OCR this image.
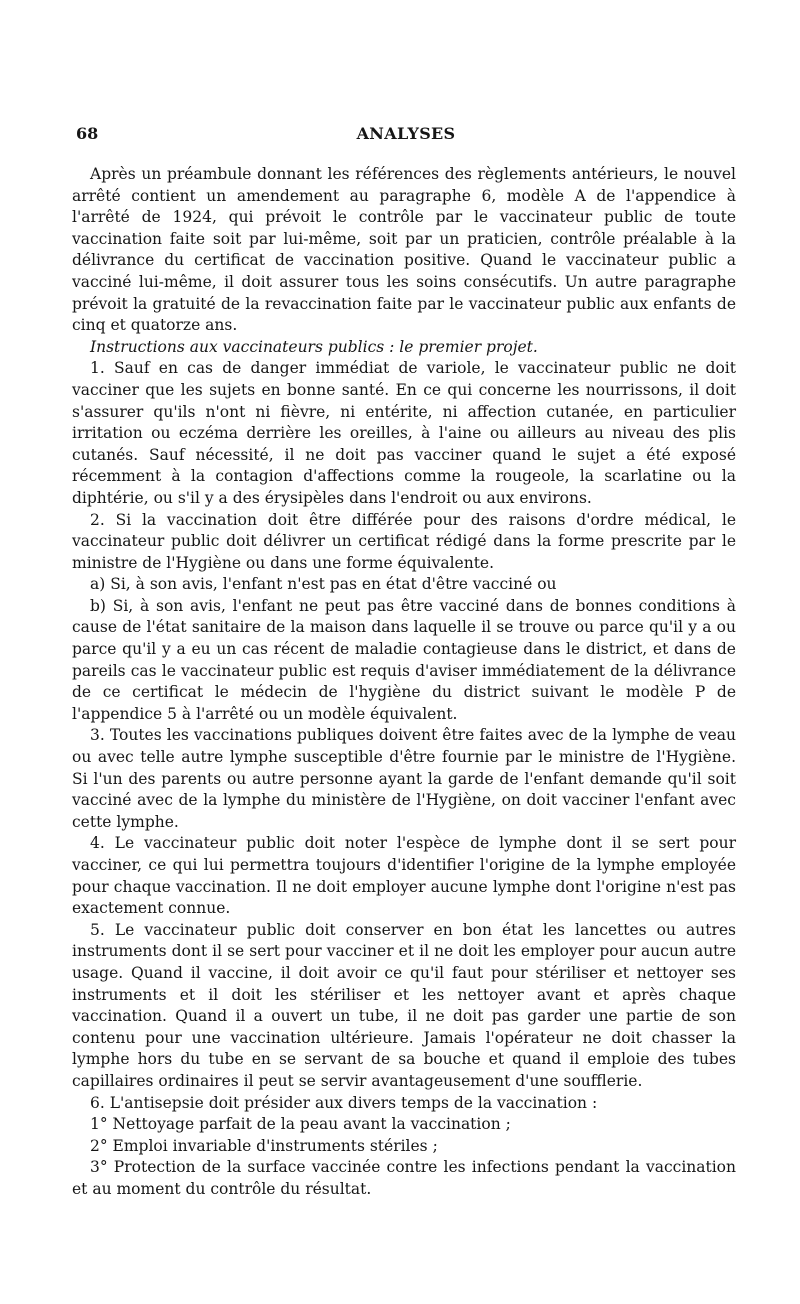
68	ANALYSES

Après un préambule donnant les références des règlements antérieurs, le nouvel arrêté contient un amendement au paragraphe 6, modèle A de l'appendice à l'arrêté de 1924, qui prévoit le contrôle par le vaccinateur public de toute vaccination faite soit par lui-même, soit par un praticien, contrôle préalable à la délivrance du certificat de vaccination positive. Quand le vaccinateur public a vacciné lui-même, il doit assurer tous les soins consécutifs. Un autre paragraphe prévoit la gratuité de la revaccination faite par le vaccinateur public aux enfants de cinq et quatorze ans.

Instructions aux vaccinateurs publics : le premier projet.

1. Sauf en cas de danger immédiat de variole, le vaccinateur public ne doit vacciner que les sujets en bonne santé. En ce qui concerne les nourrissons, il doit s'assurer qu'ils n'ont ni fièvre, ni entérite, ni affection cutanée, en particulier irritation ou eczéma derrière les oreilles, à l'aine ou ailleurs au niveau des plis cutanés. Sauf nécessité, il ne doit pas vacciner quand le sujet a été exposé récemment à la contagion d'affections comme la rougeole, la scarlatine ou la diphtérie, ou s'il y a des érysipèles dans l'endroit ou aux environs.

2. Si la vaccination doit être différée pour des raisons d'ordre médical, le vaccinateur public doit délivrer un certificat rédigé dans la forme prescrite par le ministre de l'Hygiène ou dans une forme équivalente.

a) Si, à son avis, l'enfant n'est pas en état d'être vacciné ou

b) Si, à son avis, l'enfant ne peut pas être vacciné dans de bonnes conditions à cause de l'état sanitaire de la maison dans laquelle il se trouve ou parce qu'il y a ou parce qu'il y a eu un cas récent de maladie contagieuse dans le district, et dans de pareils cas le vaccinateur public est requis d'aviser immédiatement de la délivrance de ce certificat le médecin de l'hygiène du district suivant le modèle P de l'appendice 5 à l'arrêté ou un modèle équivalent.

3. Toutes les vaccinations publiques doivent être faites avec de la lymphe de veau ou avec telle autre lymphe susceptible d'être fournie par le ministre de l'Hygiène. Si l'un des parents ou autre personne ayant la garde de l'enfant demande qu'il soit vacciné avec de la lymphe du ministère de l'Hygiène, on doit vacciner l'enfant avec cette lymphe.

4. Le vaccinateur public doit noter l'espèce de lymphe dont il se sert pour vacciner, ce qui lui permettra toujours d'identifier l'origine de la lymphe employée pour chaque vaccination. Il ne doit employer aucune lymphe dont l'origine n'est pas exactement connue.

5. Le vaccinateur public doit conserver en bon état les lancettes ou autres instruments dont il se sert pour vacciner et il ne doit les employer pour aucun autre usage. Quand il vaccine, il doit avoir ce qu'il faut pour stériliser et nettoyer ses instruments et il doit les stériliser et les nettoyer avant et après chaque vaccination. Quand il a ouvert un tube, il ne doit pas garder une partie de son contenu pour une vaccination ultérieure. Jamais l'opérateur ne doit chasser la lymphe hors du tube en se servant de sa bouche et quand il emploie des tubes capillaires ordinaires il peut se servir avantageusement d'une soufflerie.

6. L'antisepsie doit présider aux divers temps de la vaccination :

1° Nettoyage parfait de la peau avant la vaccination ;

2° Emploi invariable d'instruments stériles ;

3° Protection de la surface vaccinée contre les infections pendant la vaccination et au moment du contrôle du résultat.
